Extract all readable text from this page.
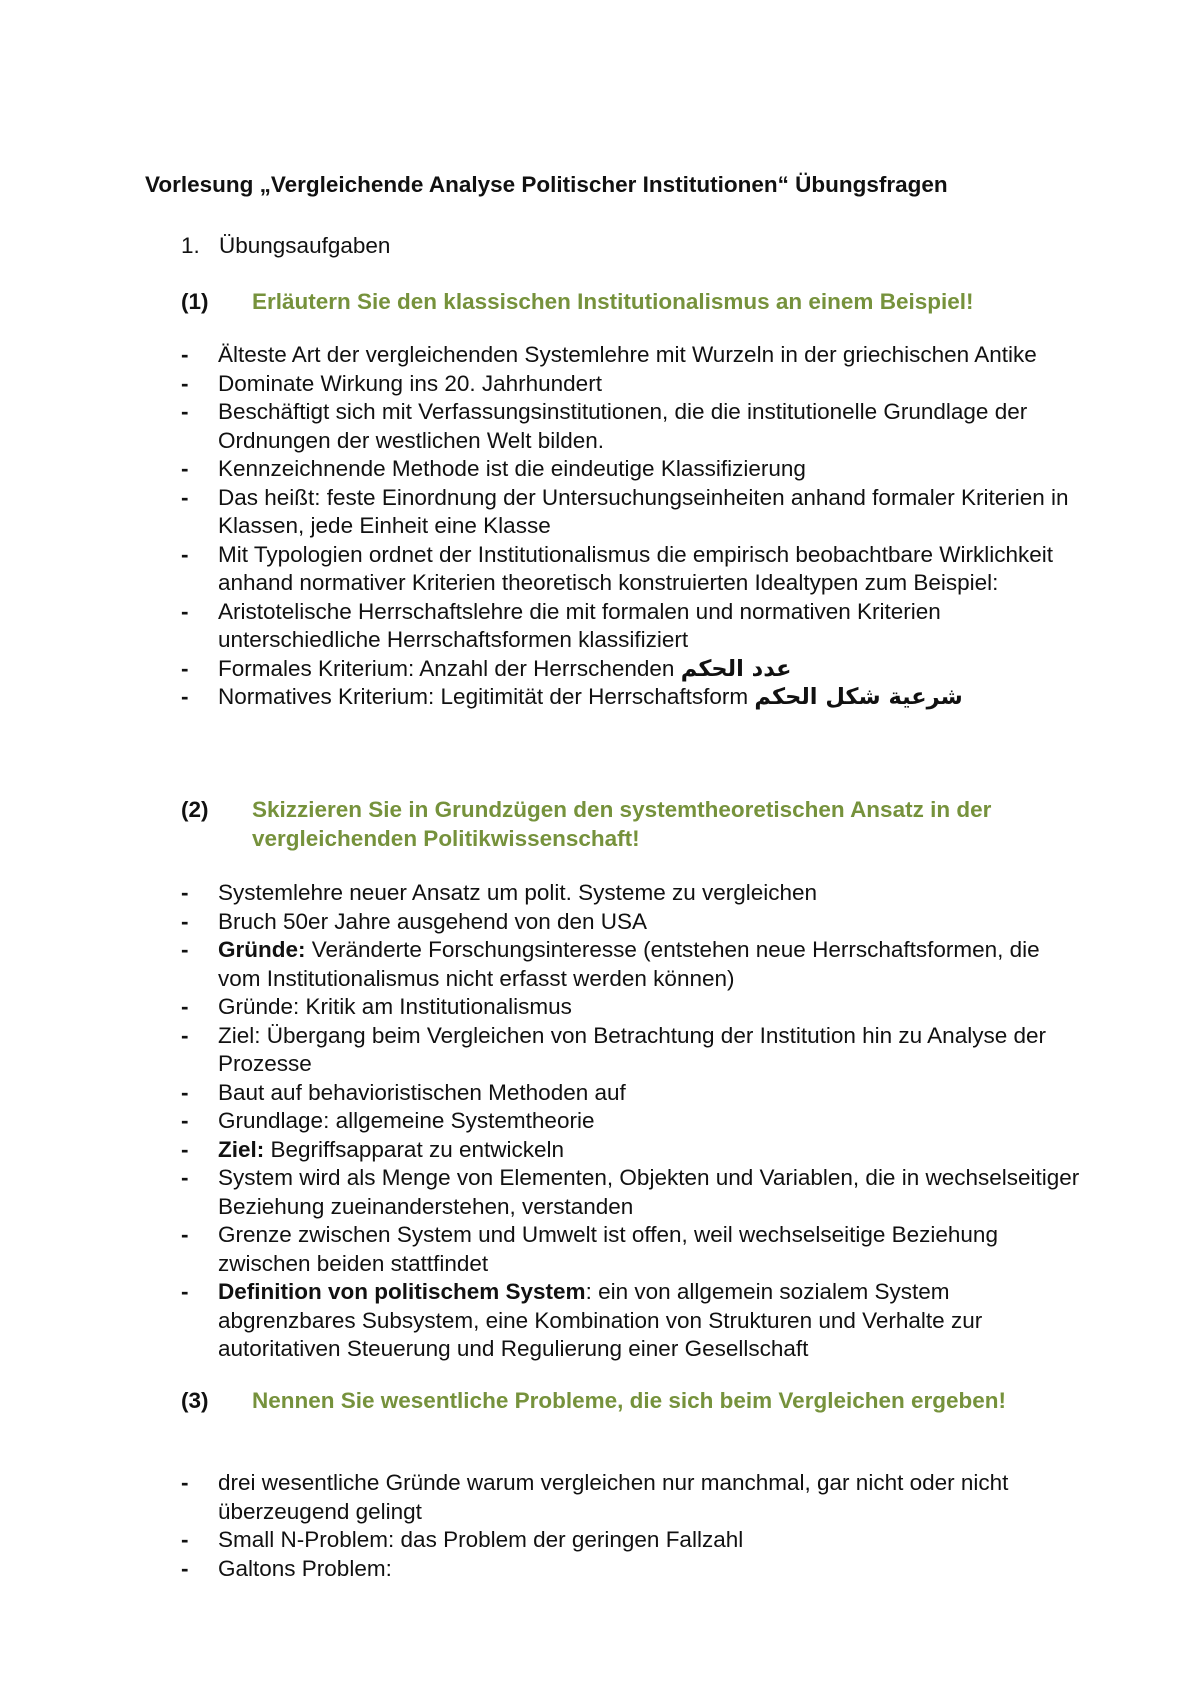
Vorlesung „Vergleichende Analyse Politischer Institutionen“ Übungsfragen
1. Übungsaufgaben
(1) Erläutern Sie den klassischen Institutionalismus an einem Beispiel!
- Älteste Art der vergleichenden Systemlehre mit Wurzeln in der griechischen Antike
- Dominate Wirkung ins 20. Jahrhundert
- Beschäftigt sich mit Verfassungsinstitutionen, die die institutionelle Grundlage der Ordnungen der westlichen Welt bilden.
- Kennzeichnende Methode ist die eindeutige Klassifizierung
- Das heißt: feste Einordnung der Untersuchungseinheiten anhand formaler Kriterien in Klassen, jede Einheit eine Klasse
- Mit Typologien ordnet der Institutionalismus die empirisch beobachtbare Wirklichkeit anhand normativer Kriterien theoretisch konstruierten Idealtypen zum Beispiel:
- Aristotelische Herrschaftslehre die mit formalen und normativen Kriterien unterschiedliche Herrschaftsformen klassifiziert
- Formales Kriterium: Anzahl der Herrschenden عدد الحكم
- Normatives Kriterium: Legitimität der Herrschaftsform شرعية شكل الحكم
(2) Skizzieren Sie in Grundzügen den systemtheoretischen Ansatz in der vergleichenden Politikwissenschaft!
- Systemlehre neuer Ansatz um polit. Systeme zu vergleichen
- Bruch 50er Jahre ausgehend von den USA
- Gründe: Veränderte Forschungsinteresse (entstehen neue Herrschaftsformen, die vom Institutionalismus nicht erfasst werden können)
- Gründe: Kritik am Institutionalismus
- Ziel: Übergang beim Vergleichen von Betrachtung der Institution hin zu Analyse der Prozesse
- Baut auf behavioristischen Methoden auf
- Grundlage: allgemeine Systemtheorie
- Ziel: Begriffsapparat zu entwickeln
- System wird als Menge von Elementen, Objekten und Variablen, die in wechselseitiger Beziehung zueinanderstehen, verstanden
- Grenze zwischen System und Umwelt ist offen, weil wechselseitige Beziehung zwischen beiden stattfindet
- Definition von politischem System: ein von allgemein sozialem System abgrenzbares Subsystem, eine Kombination von Strukturen und Verhalte zur autoritativen Steuerung und Regulierung einer Gesellschaft
(3) Nennen Sie wesentliche Probleme, die sich beim Vergleichen ergeben!
- drei wesentliche Gründe warum vergleichen nur manchmal, gar nicht oder nicht überzeugend gelingt
- Small N-Problem: das Problem der geringen Fallzahl
- Galtons Problem:
